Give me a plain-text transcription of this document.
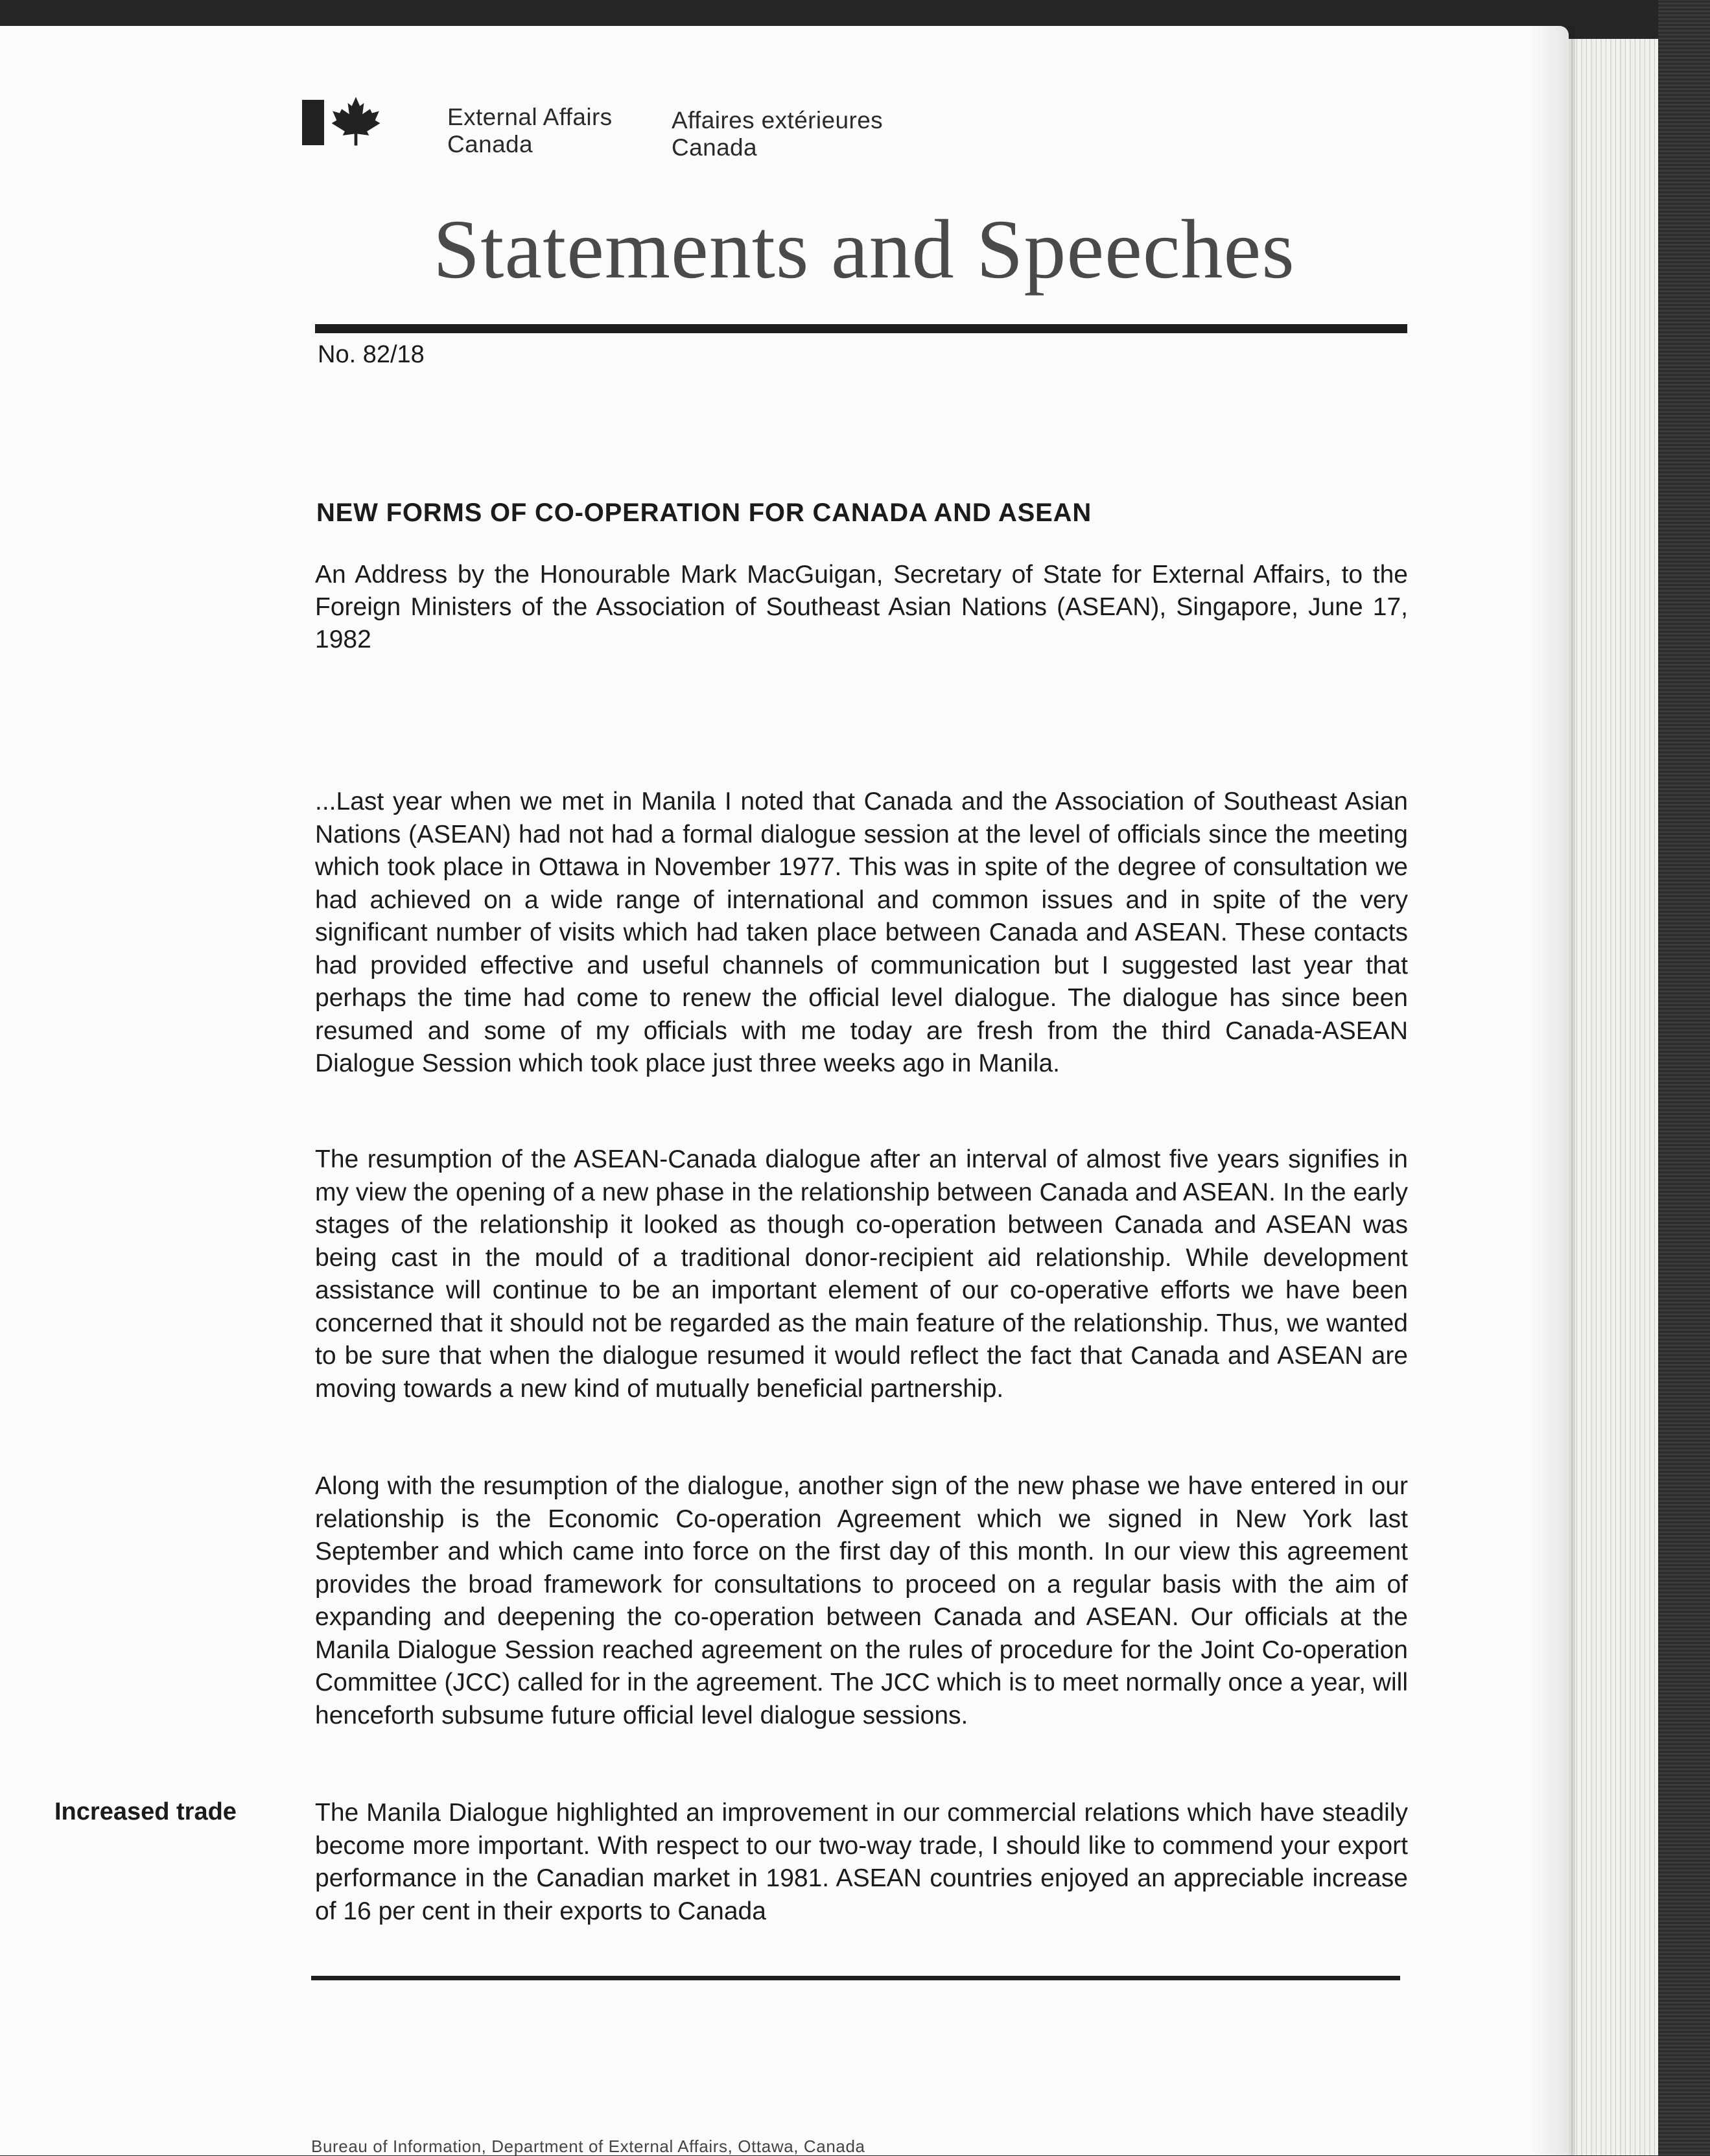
External Affairs
Canada
Affaires extérieures
Canada
Statements and Speeches
No. 82/18
NEW FORMS OF CO-OPERATION FOR CANADA AND ASEAN
An Address by the Honourable Mark MacGuigan, Secretary of State for External Affairs, to the Foreign Ministers of the Association of Southeast Asian Nations (ASEAN), Singapore, June 17, 1982
...Last year when we met in Manila I noted that Canada and the Association of Southeast Asian Nations (ASEAN) had not had a formal dialogue session at the level of officials since the meeting which took place in Ottawa in November 1977. This was in spite of the degree of consultation we had achieved on a wide range of international and common issues and in spite of the very significant number of visits which had taken place between Canada and ASEAN. These contacts had provided effective and useful channels of communication but I suggested last year that perhaps the time had come to renew the official level dialogue. The dialogue has since been resumed and some of my officials with me today are fresh from the third Canada-ASEAN Dialogue Session which took place just three weeks ago in Manila.
The resumption of the ASEAN-Canada dialogue after an interval of almost five years signifies in my view the opening of a new phase in the relationship between Canada and ASEAN. In the early stages of the relationship it looked as though co-operation between Canada and ASEAN was being cast in the mould of a traditional donor-recipient aid relationship. While development assistance will continue to be an important element of our co-operative efforts we have been concerned that it should not be regarded as the main feature of the relationship. Thus, we wanted to be sure that when the dialogue resumed it would reflect the fact that Canada and ASEAN are moving towards a new kind of mutually beneficial partnership.
Along with the resumption of the dialogue, another sign of the new phase we have entered in our relationship is the Economic Co-operation Agreement which we signed in New York last September and which came into force on the first day of this month. In our view this agreement provides the broad framework for consultations to proceed on a regular basis with the aim of expanding and deepening the co-operation between Canada and ASEAN. Our officials at the Manila Dialogue Session reached agreement on the rules of procedure for the Joint Co-operation Committee (JCC) called for in the agreement. The JCC which is to meet normally once a year, will henceforth subsume future official level dialogue sessions.
Increased trade	The Manila Dialogue highlighted an improvement in our commercial relations which have steadily become more important. With respect to our two-way trade, I should like to commend your export performance in the Canadian market in 1981. ASEAN countries enjoyed an appreciable increase of 16 per cent in their exports to Canada
Bureau of Information, Department of External Affairs, Ottawa, Canada
